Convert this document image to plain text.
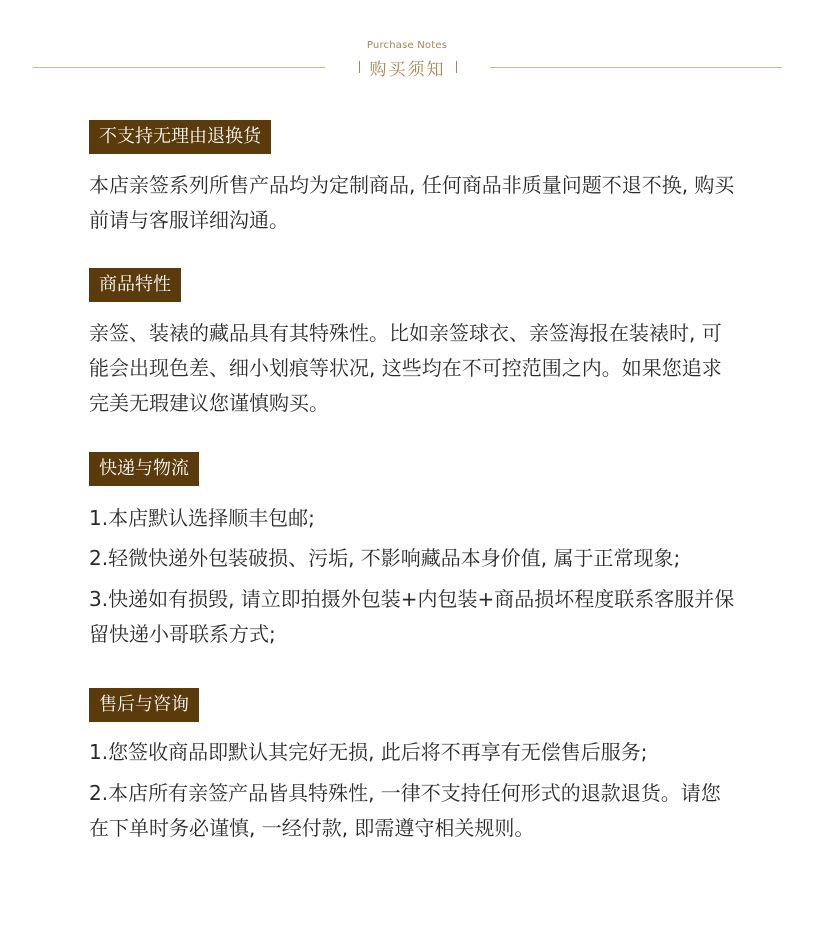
Purchase Notes
购买须知
不支持无理由退换货

本店亲签系列所售产品均为定制商品, 任何商品非质量问题不退不换, 购买前请与客服详细沟通。

商品特性

亲签、装裱的藏品具有其特殊性。比如亲签球衣、亲签海报在装裱时, 可能会出现色差、细小划痕等状况, 这些均在不可控范围之内。如果您追求完美无瑕建议您谨慎购买。

快递与物流

1.本店默认选择顺丰包邮;

2.轻微快递外包装破损、污垢, 不影响藏品本身价值, 属于正常现象;

3.快递如有损毁, 请立即拍摄外包装+内包装+商品损坏程度联系客服并保留快递小哥联系方式;

售后与咨询

1.您签收商品即默认其完好无损, 此后将不再享有无偿售后服务;

2.本店所有亲签产品皆具特殊性, 一律不支持任何形式的退款退货。请您在下单时务必谨慎, 一经付款, 即需遵守相关规则。
